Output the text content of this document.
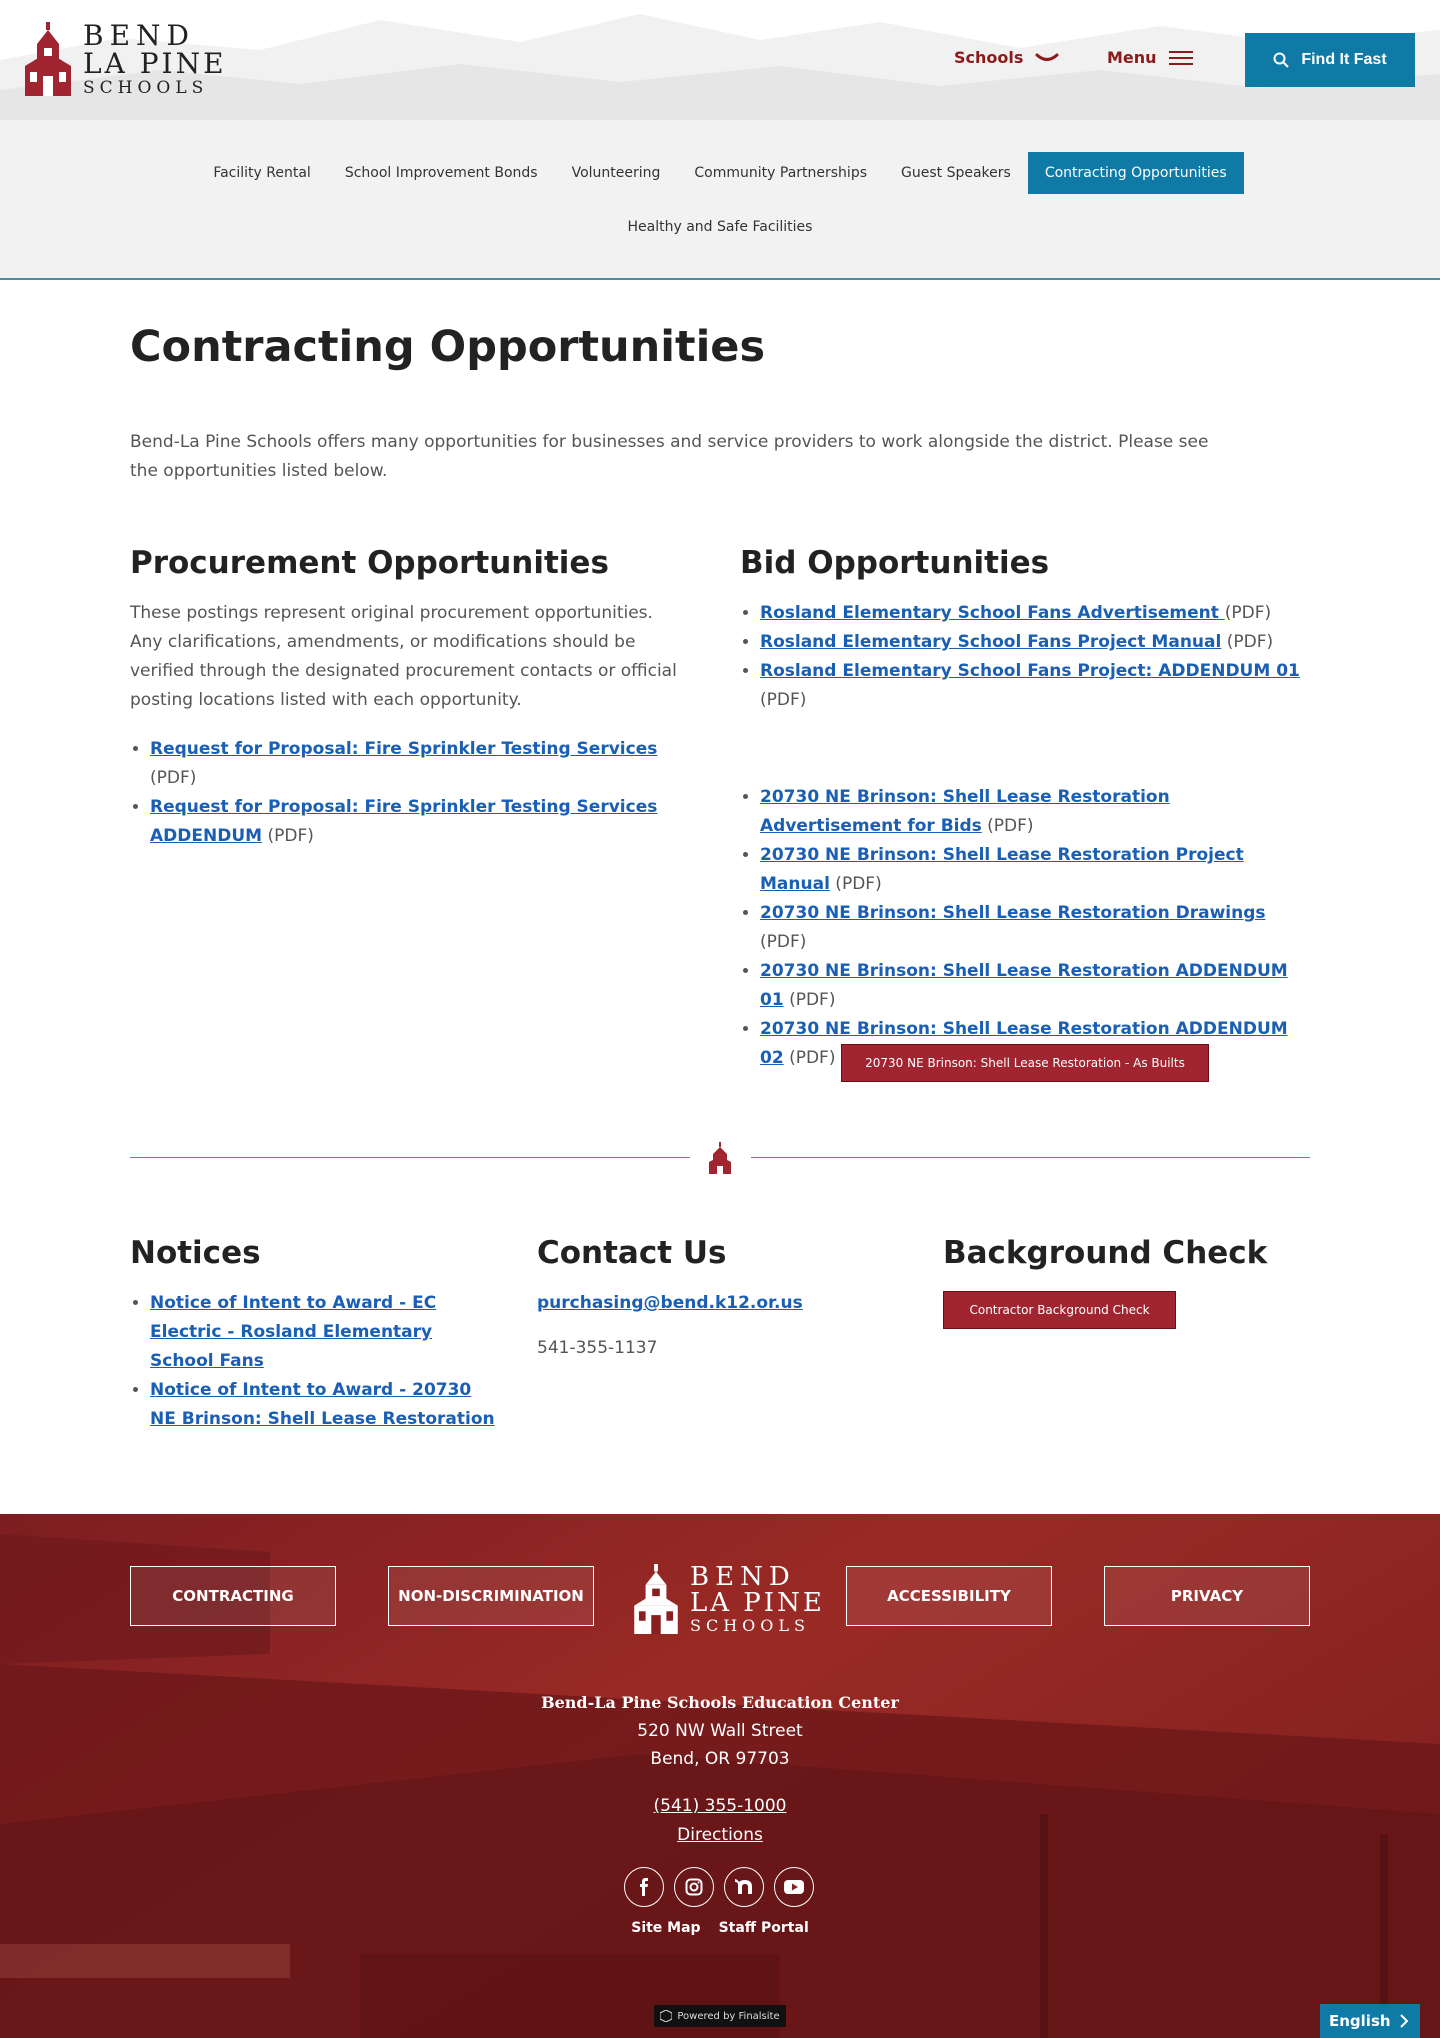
BEND
LA PINE
SCHOOLS
Schools	Menu	Find It Fast
Facility Rental	School Improvement Bonds	Volunteering	Community Partnerships	Guest Speakers	Contracting Opportunities
Healthy and Safe Facilities
Contracting Opportunities

Bend-La Pine Schools offers many opportunities for businesses and service providers to work alongside the district. Please see the opportunities listed below.

Procurement Opportunities

These postings represent original procurement opportunities. Any clarifications, amendments, or modifications should be verified through the designated procurement contacts or official posting locations listed with each opportunity.

• Request for Proposal: Fire Sprinkler Testing Services (PDF)
• Request for Proposal: Fire Sprinkler Testing Services ADDENDUM (PDF)
Bid Opportunities
• Rosland Elementary School Fans Advertisement (PDF)
• Rosland Elementary School Fans Project Manual (PDF)
• Rosland Elementary School Fans Project: ADDENDUM 01 (PDF)
• 20730 NE Brinson: Shell Lease Restoration Advertisement for Bids (PDF)
• 20730 NE Brinson: Shell Lease Restoration Project Manual (PDF)
• 20730 NE Brinson: Shell Lease Restoration Drawings (PDF)
• 20730 NE Brinson: Shell Lease Restoration ADDENDUM 01 (PDF)
• 20730 NE Brinson: Shell Lease Restoration ADDENDUM 02 (PDF)	20730 NE Brinson: Shell Lease Restoration - As Builts
Notices
• Notice of Intent to Award - EC Electric - Rosland Elementary School Fans
• Notice of Intent to Award - 20730 NE Brinson: Shell Lease Restoration
Contact Us
purchasing@bend.k12.or.us
541-355-1137
Background Check
Contractor Background Check
CONTRACTING	NON-DISCRIMINATION	ACCESSIBILITY	PRIVACY
BEND
LA PINE
SCHOOLS
Bend-La Pine Schools Education Center
520 NW Wall Street
Bend, OR 97703
(541) 355-1000
Directions
Site Map Staff Portal
Powered by Finalsite	English
